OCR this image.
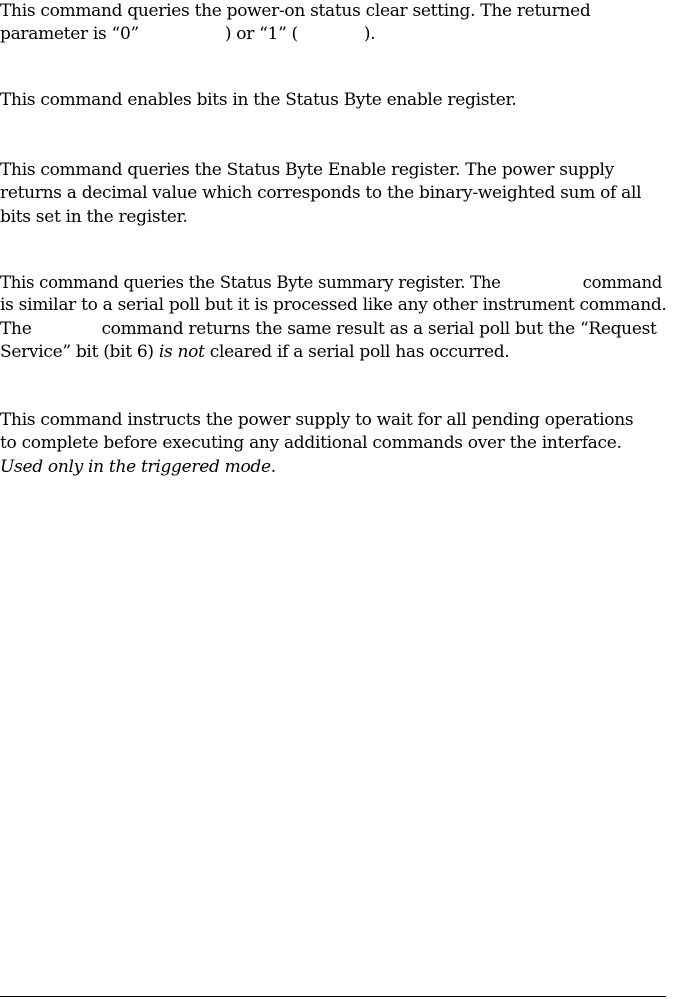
This command queries the power-on status clear setting. The returned
parameter is “0”	) or “1” (	).

This command enables bits in the Status Byte enable register.

This command queries the Status Byte Enable register. The power supply
returns a decimal value which corresponds to the binary-weighted sum of all
bits set in the register.

This command queries the Status Byte summary register. The	command
is similar to a serial poll but it is processed like any other instrument command.
The	command returns the same result as a serial poll but the “Request
Service” bit (bit 6) is not cleared if a serial poll has occurred.

This command instructs the power supply to wait for all pending operations
to complete before executing any additional commands over the interface.
Used only in the triggered mode.
